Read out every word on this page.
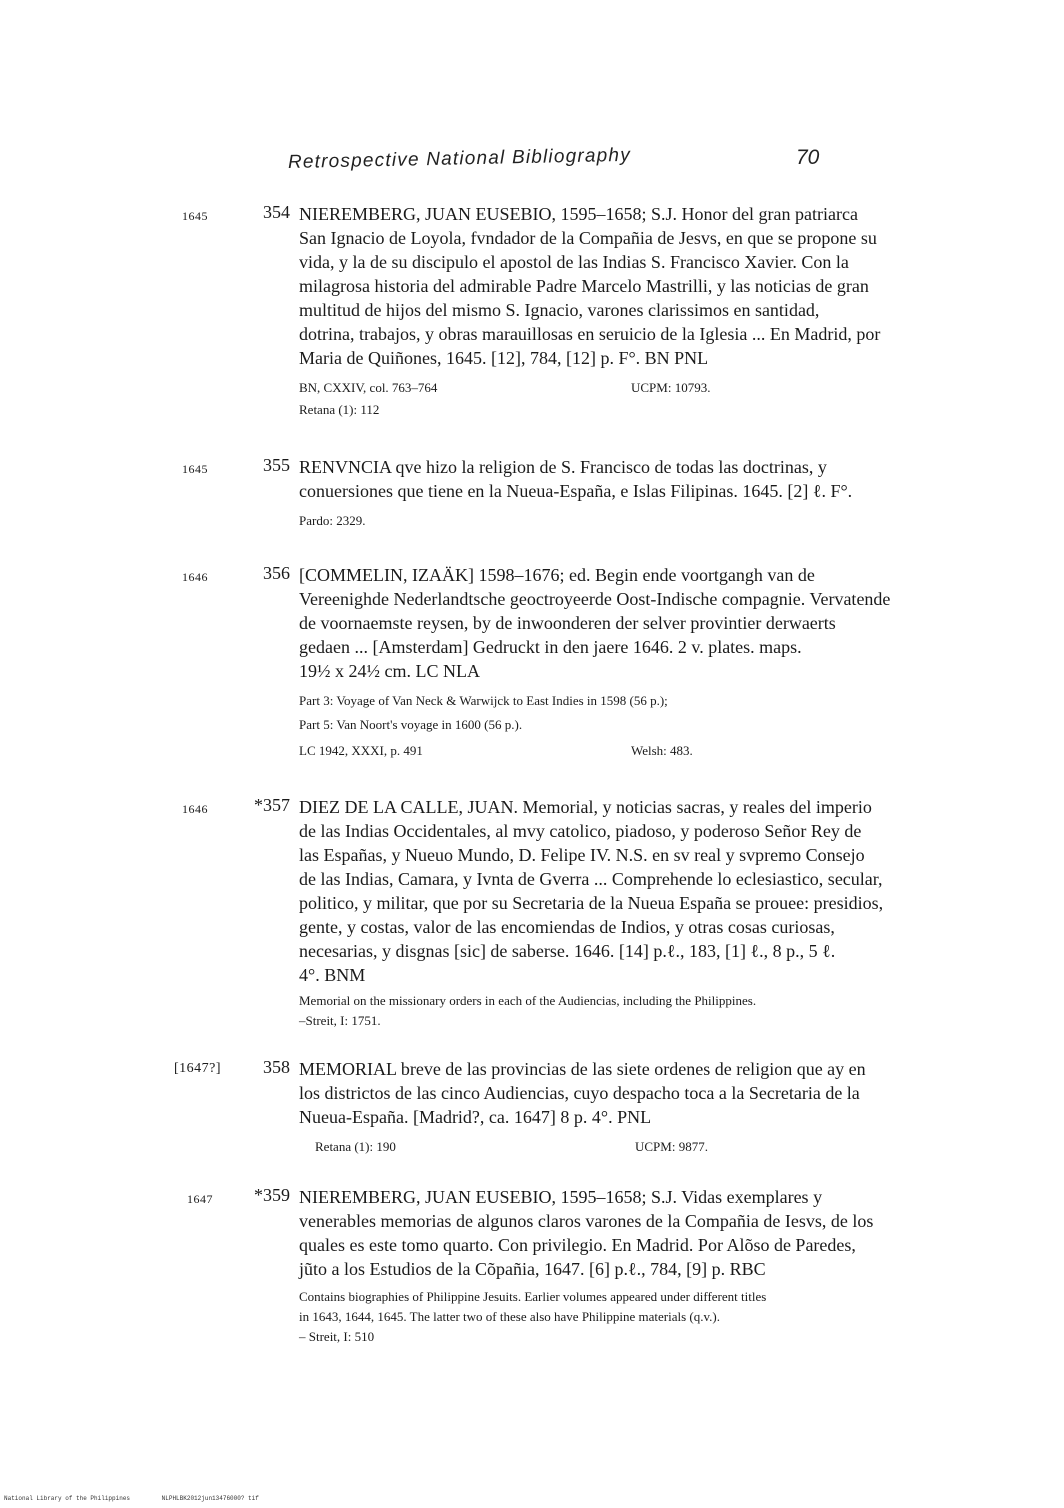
Retrospective National Bibliography	70
1645	354 NIEREMBERG, JUAN EUSEBIO, 1595–1658; S.J. Honor del gran patriarca
San Ignacio de Loyola, fvndador de la Compañia de Jesvs, en que se propone su
vida, y la de su discipulo el apostol de las Indias S. Francisco Xavier. Con la
milagrosa historia del admirable Padre Marcelo Mastrilli, y las noticias de gran
multitud de hijos del mismo S. Ignacio, varones clarissimos en santidad,
dotrina, trabajos, y obras marauillosas en seruicio de la Iglesia ... En Madrid, por
Maria de Quiñones, 1645. [12], 784, [12] p. F°. BN PNL
BN, CXXIV, col. 763–764	UCPM: 10793.
Retana (1): 112
1645	355 RENVNCIA qve hizo la religion de S. Francisco de todas las doctrinas, y
conuersiones que tiene en la Nueua-España, e Islas Filipinas. 1645. [2] ℓ. F°.
Pardo: 2329.
1646	356 [COMMELIN, IZAÄK] 1598–1676; ed. Begin ende voortgangh van de
Vereenighde Nederlandtsche geoctroyeerde Oost-Indische compagnie. Vervatende
de voornaemste reysen, by de inwoonderen der selver provintier derwaerts
gedaen ... [Amsterdam] Gedruckt in den jaere 1646. 2 v. plates. maps.
19½ x 24½ cm. LC NLA
Part 3: Voyage of Van Neck & Warwijck to East Indies in 1598 (56 p.);
Part 5: Van Noort's voyage in 1600 (56 p.).
LC 1942, XXXI, p. 491	Welsh: 483.
1646	*357 DIEZ DE LA CALLE, JUAN. Memorial, y noticias sacras, y reales del imperio
de las Indias Occidentales, al mvy catolico, piadoso, y poderoso Señor Rey de
las Españas, y Nueuo Mundo, D. Felipe IV. N.S. en sv real y svpremo Consejo
de las Indias, Camara, y Ivnta de Gverra ... Comprehende lo eclesiastico, secular,
politico, y militar, que por su Secretaria de la Nueua España se prouee: presidios,
gente, y costas, valor de las encomiendas de Indios, y otras cosas curiosas,
necesarias, y disgnas [sic] de saberse. 1646. [14] p.ℓ., 183, [1] ℓ., 8 p., 5 ℓ.
4°. BNM
Memorial on the missionary orders in each of the Audiencias, including the Philippines.
–Streit, I: 1751.
[1647?]	358 MEMORIAL breve de las provincias de las siete ordenes de religion que ay en
los districtos de las cinco Audiencias, cuyo despacho toca a la Secretaria de la
Nueua-España. [Madrid?, ca. 1647] 8 p. 4°. PNL
Retana (1): 190	UCPM: 9877.
1647	*359 NIEREMBERG, JUAN EUSEBIO, 1595–1658; S.J. Vidas exemplares y
venerables memorias de algunos claros varones de la Compañia de Iesvs, de los
quales es este tomo quarto. Con privilegio. En Madrid. Por Alõso de Paredes,
jũto a los Estudios de la Cõpañia, 1647. [6] p.ℓ., 784, [9] p. RBC
Contains biographies of Philippine Jesuits. Earlier volumes appeared under different titles
in 1643, 1644, 1645. The latter two of these also have Philippine materials (q.v.).
– Streit, I: 510
National Library of the Philippines	NLPHLBK2012jun13476000? tif
